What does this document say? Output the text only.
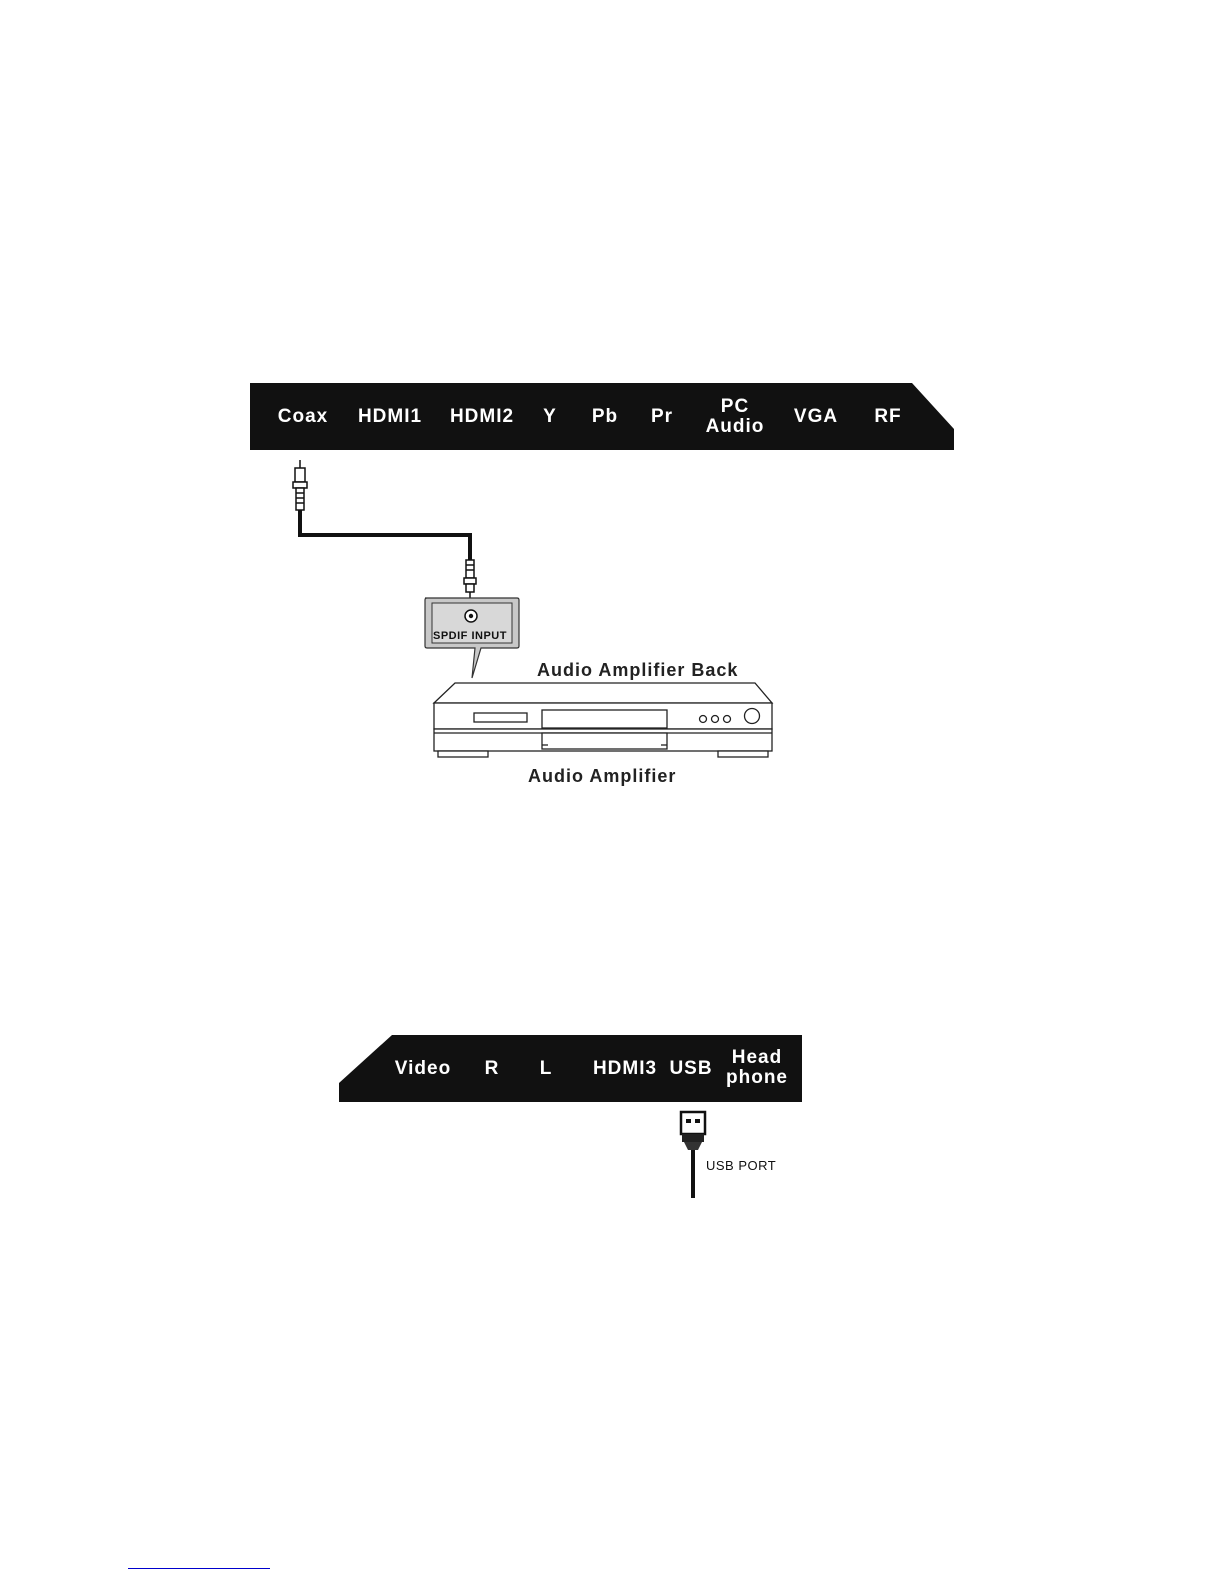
Coax HDMI1 HDMI2 Y Pb Pr	PC
Audio VGA RF
SPDIF INPUT
Audio Amplifier Back
Audio Amplifier
Video R L HDMI3 USB
Head
phone
USB PORT
